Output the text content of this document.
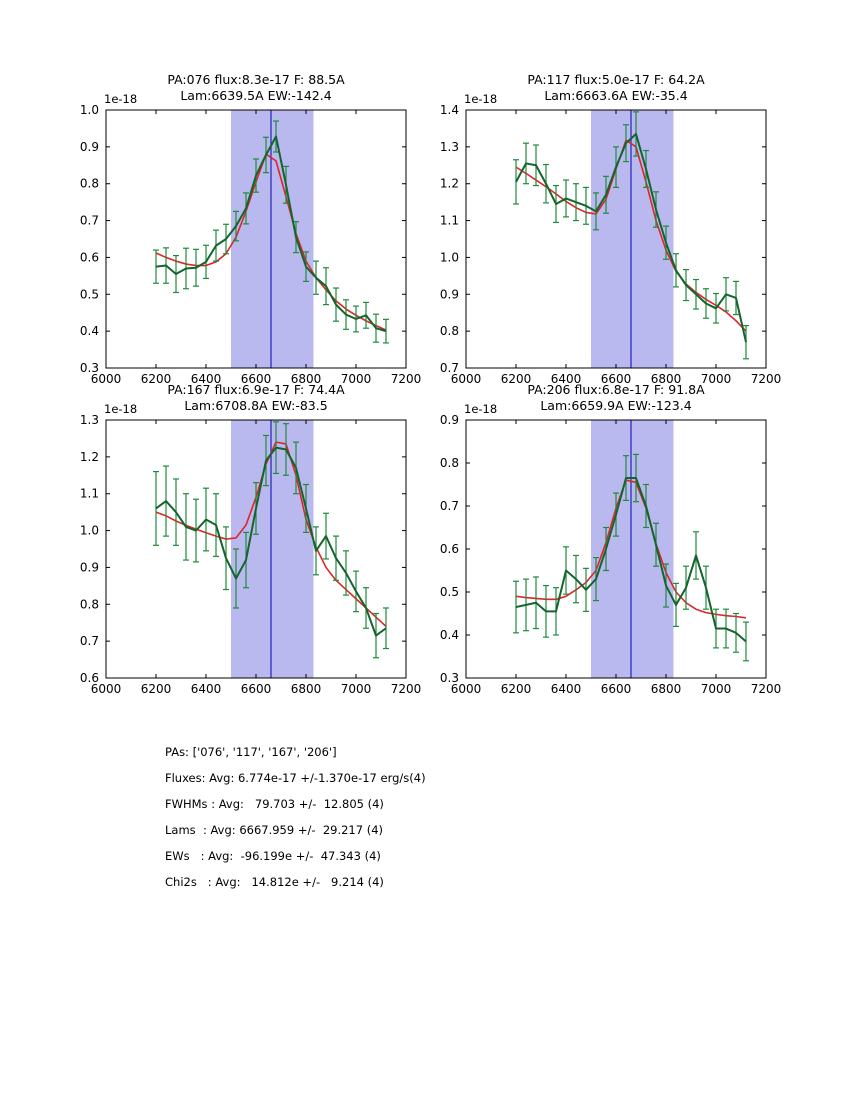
PA:076 flux:8.3e-17 F: 88.5A
Lam:6639.5A EW:-142.4
6000 6200 6400 6600 6800 7000 7200
0.3
0.4
0.5
0.6
0.7
0.8
0.9
1.0
1e-18
PA:117 flux:5.0e-17 F: 64.2A
Lam:6663.6A EW:-35.4
6000 6200 6400 6600 6800 7000 7200
0.7
0.8
0.9
1.0
1.1
1.2
1.3
1.4
1e-18
PA:167 flux:6.9e-17 F: 74.4A
Lam:6708.8A EW:-83.5
6000 6200 6400 6600 6800 7000 7200
0.6
0.7
0.8
0.9
1.0
1.1
1.2
1.3
1e-18
PA:206 flux:6.8e-17 F: 91.8A
Lam:6659.9A EW:-123.4
6000 6200 6400 6600 6800 7000 7200
0.3
0.4
0.5
0.6
0.7
0.8
0.9
1e-18
PAs: ['076', '117', '167', '206']
Fluxes: Avg: 6.774e-17 +/-1.370e-17 erg/s(4)
FWHMs : Avg:   79.703 +/-  12.805 (4)
Lams  : Avg: 6667.959 +/-  29.217 (4)
EWs   : Avg:  -96.199e +/-  47.343 (4)
Chi2s   : Avg:   14.812e +/-   9.214 (4)
